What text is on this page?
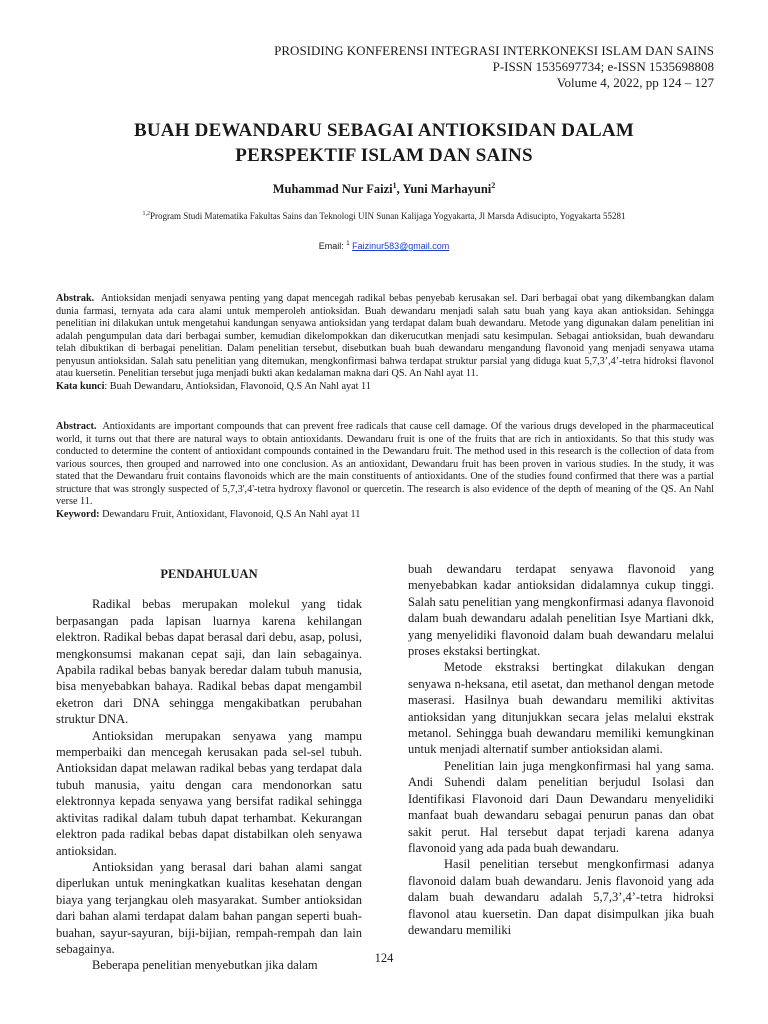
PROSIDING KONFERENSI INTEGRASI INTERKONEKSI ISLAM DAN SAINS
P-ISSN 1535697734; e-ISSN 1535698808
Volume 4, 2022, pp 124 – 127
BUAH DEWANDARU SEBAGAI ANTIOKSIDAN DALAM
PERSPEKTIF ISLAM DAN SAINS
Muhammad Nur Faizi$^1$, Yuni Marhayuni$^2$
$^{1,2}$Program Studi Matematika Fakultas Sains dan Teknologi UIN Sunan Kalijaga Yogyakarta, Jl Marsda Adisucipto, Yogyakarta 55281
Email: $^1$ Faizinur583@gmail.com
Abstrak. Antioksidan menjadi senyawa penting yang dapat mencegah radikal bebas penyebab kerusakan sel. Dari berbagai obat yang dikembangkan dalam dunia farmasi, ternyata ada cara alami untuk memperoleh antioksidan. Buah dewandaru menjadi salah satu buah yang kaya akan antioksidan. Sehingga penelitian ini dilakukan untuk mengetahui kandungan senyawa antioksidan yang terdapat dalam buah dewandaru. Metode yang digunakan dalam penelitian ini adalah pengumpulan data dari berbagai sumber, kemudian dikelompokkan dan dikerucutkan menjadi satu kesimpulan. Sebagai antioksidan, buah dewandaru telah dibuktikan di berbagai penelitian. Dalam penelitian tersebut, disebutkan buah buah dewandaru mengandung flavonoid yang menjadi senyawa utama penyusun antioksidan. Salah satu penelitian yang ditemukan, mengkonfirmasi bahwa terdapat struktur parsial yang diduga kuat 5,7,3’,4’-tetra hidroksi flavonol atau kuersetin. Penelitian tersebut juga menjadi bukti akan kedalaman makna dari QS. An Nahl ayat 11.
Kata kunci: Buah Dewandaru, Antioksidan, Flavonoid, Q.S An Nahl ayat 11
Abstract. Antioxidants are important compounds that can prevent free radicals that cause cell damage. Of the various drugs developed in the pharmaceutical world, it turns out that there are natural ways to obtain antioxidants. Dewandaru fruit is one of the fruits that are rich in antioxidants. So that this study was conducted to determine the content of antioxidant compounds contained in the Dewandaru fruit. The method used in this research is the collection of data from various sources, then grouped and narrowed into one conclusion. As an antioxidant, Dewandaru fruit has been proven in various studies. In the study, it was stated that the Dewandaru fruit contains flavonoids which are the main constituents of antioxidants. One of the studies found confirmed that there was a partial structure that was strongly suspected of 5,7,3',4'-tetra hydroxy flavonol or quercetin. The research is also evidence of the depth of meaning of the QS. An Nahl verse 11.
Keyword: Dewandaru Fruit, Antioxidant, Flavonoid, Q.S An Nahl ayat 11

PENDAHULUAN

Radikal bebas merupakan molekul yang tidak berpasangan pada lapisan luarnya karena kehilangan elektron. Radikal bebas dapat berasal dari debu, asap, polusi, mengkonsumsi makanan cepat saji, dan lain sebagainya. Apabila radikal bebas banyak beredar dalam tubuh manusia, bisa menyebabkan bahaya. Radikal bebas dapat mengambil eketron dari DNA sehingga mengakibatkan perubahan struktur DNA.

Antioksidan merupakan senyawa yang mampu memperbaiki dan mencegah kerusakan pada sel-sel tubuh. Antioksidan dapat melawan radikal bebas yang terdapat dala tubuh manusia, yaitu dengan cara mendonorkan satu elektronnya kepada senyawa yang bersifat radikal sehingga aktivitas radikal dalam tubuh dapat terhambat. Kekurangan elektron pada radikal bebas dapat distabilkan oleh senyawa antioksidan.

Antioksidan yang berasal dari bahan alami sangat diperlukan untuk meningkatkan kualitas kesehatan dengan biaya yang terjangkau oleh masyarakat. Sumber antioksidan dari bahan alami terdapat dalam bahan pangan seperti buah-buahan, sayur-sayuran, biji-bijian, rempah-rempah dan lain sebagainya.

Beberapa penelitian menyebutkan jika dalam

buah dewandaru terdapat senyawa flavonoid yang menyebabkan kadar antioksidan didalamnya cukup tinggi. Salah satu penelitian yang mengkonfirmasi adanya flavonoid dalam buah dewandaru adalah penelitian Isye Martiani dkk, yang menyelidiki flavonoid dalam buah dewandaru melalui proses ekstaksi bertingkat.

Metode ekstraksi bertingkat dilakukan dengan senyawa n-heksana, etil asetat, dan methanol dengan metode maserasi. Hasilnya buah dewandaru memiliki aktivitas antioksidan yang ditunjukkan secara jelas melalui ekstrak metanol. Sehingga buah dewandaru memiliki kemungkinan untuk menjadi alternatif sumber antioksidan alami.

Penelitian lain juga mengkonfirmasi hal yang sama. Andi Suhendi dalam penelitian berjudul Isolasi dan Identifikasi Flavonoid dari Daun Dewandaru menyelidiki manfaat buah dewandaru sebagai penurun panas dan obat sakit perut. Hal tersebut dapat terjadi karena adanya flavonoid yang ada pada buah dewandaru.

Hasil penelitian tersebut mengkonfirmasi adanya flavonoid dalam buah dewandaru. Jenis flavonoid yang ada dalam buah dewandaru adalah 5,7,3’,4’-tetra hidroksi flavonol atau kuersetin. Dan dapat disimpulkan jika buah dewandaru memiliki

124
